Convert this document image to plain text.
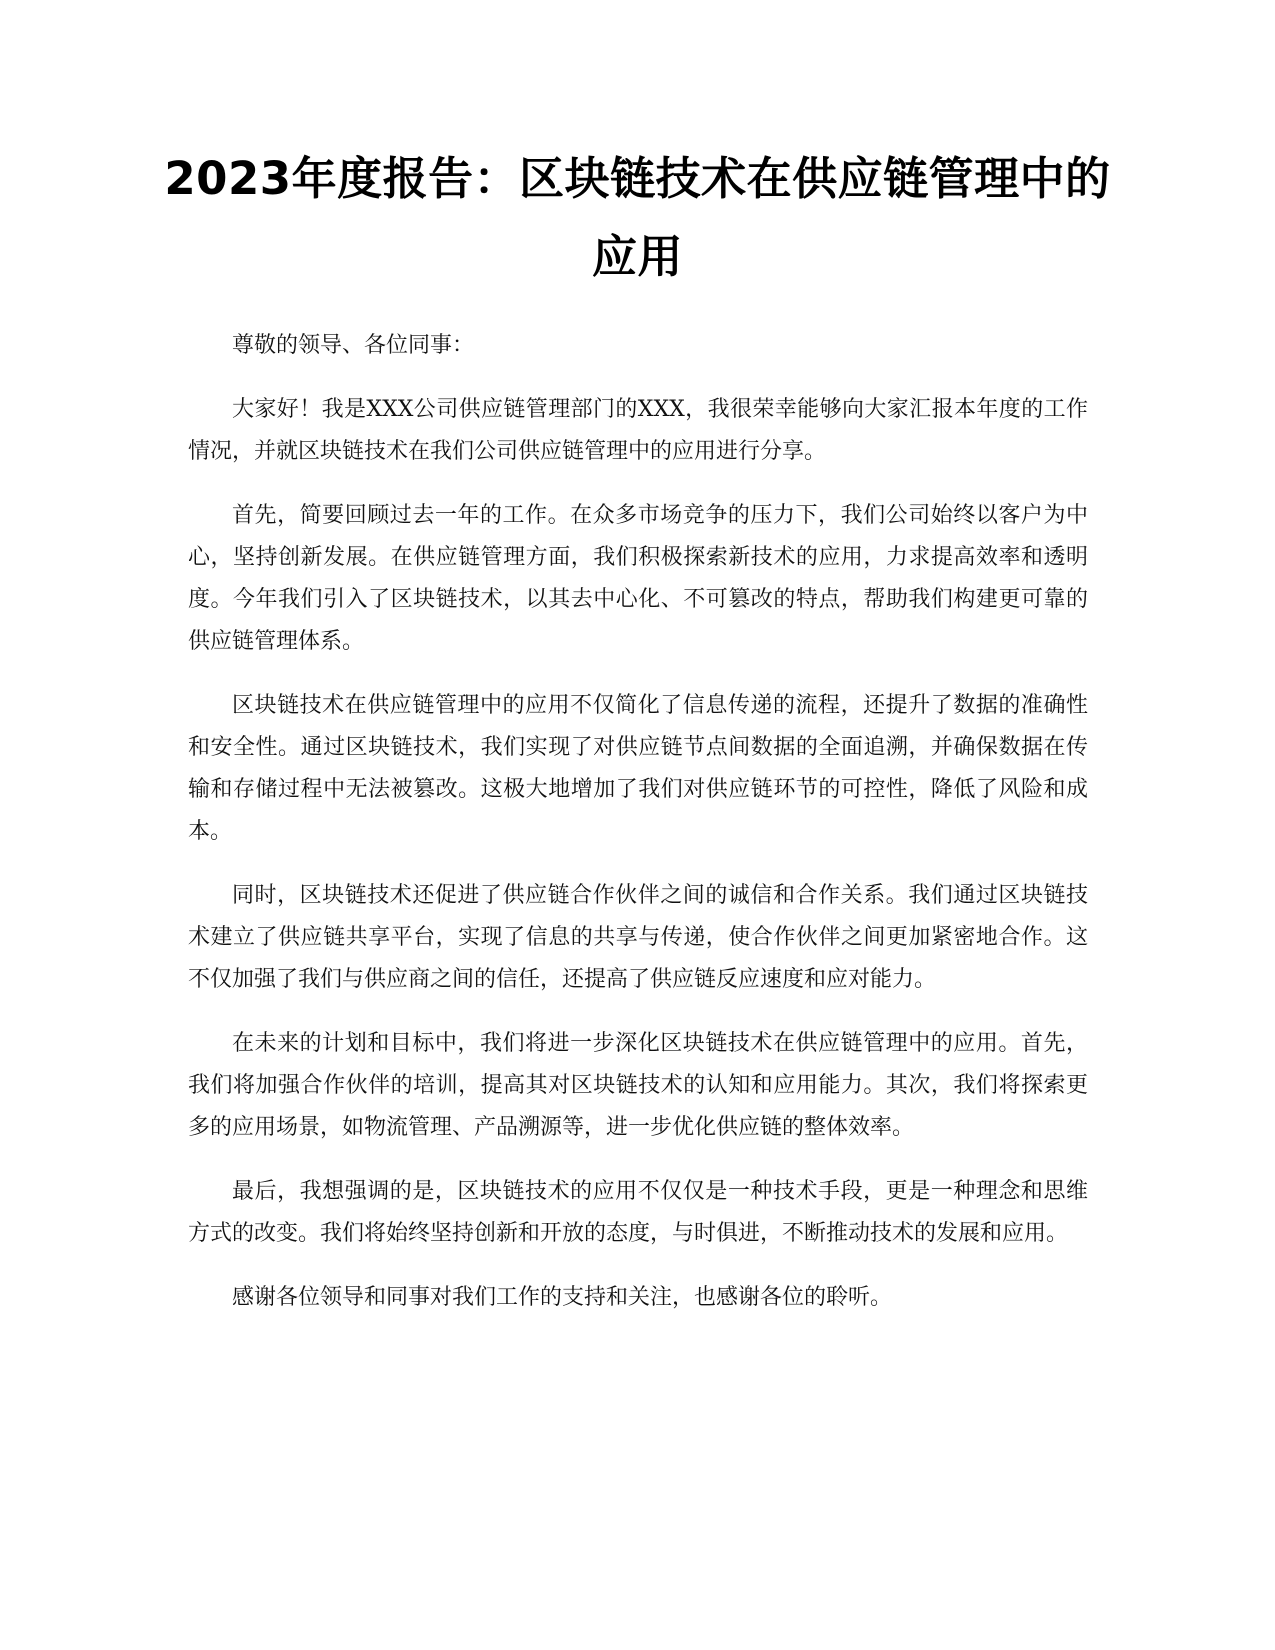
2023年度报告：区块链技术在供应链管理中的应用

尊敬的领导、各位同事：

大家好！我是XXX公司供应链管理部门的XXX，我很荣幸能够向大家汇报本年度的工作情况，并就区块链技术在我们公司供应链管理中的应用进行分享。

首先，简要回顾过去一年的工作。在众多市场竞争的压力下，我们公司始终以客户为中心，坚持创新发展。在供应链管理方面，我们积极探索新技术的应用，力求提高效率和透明度。今年我们引入了区块链技术，以其去中心化、不可篡改的特点，帮助我们构建更可靠的供应链管理体系。

区块链技术在供应链管理中的应用不仅简化了信息传递的流程，还提升了数据的准确性和安全性。通过区块链技术，我们实现了对供应链节点间数据的全面追溯，并确保数据在传输和存储过程中无法被篡改。这极大地增加了我们对供应链环节的可控性，降低了风险和成本。

同时，区块链技术还促进了供应链合作伙伴之间的诚信和合作关系。我们通过区块链技术建立了供应链共享平台，实现了信息的共享与传递，使合作伙伴之间更加紧密地合作。这不仅加强了我们与供应商之间的信任，还提高了供应链反应速度和应对能力。

在未来的计划和目标中，我们将进一步深化区块链技术在供应链管理中的应用。首先，我们将加强合作伙伴的培训，提高其对区块链技术的认知和应用能力。其次，我们将探索更多的应用场景，如物流管理、产品溯源等，进一步优化供应链的整体效率。

最后，我想强调的是，区块链技术的应用不仅仅是一种技术手段，更是一种理念和思维方式的改变。我们将始终坚持创新和开放的态度，与时俱进，不断推动技术的发展和应用。

感谢各位领导和同事对我们工作的支持和关注，也感谢各位的聆听。
